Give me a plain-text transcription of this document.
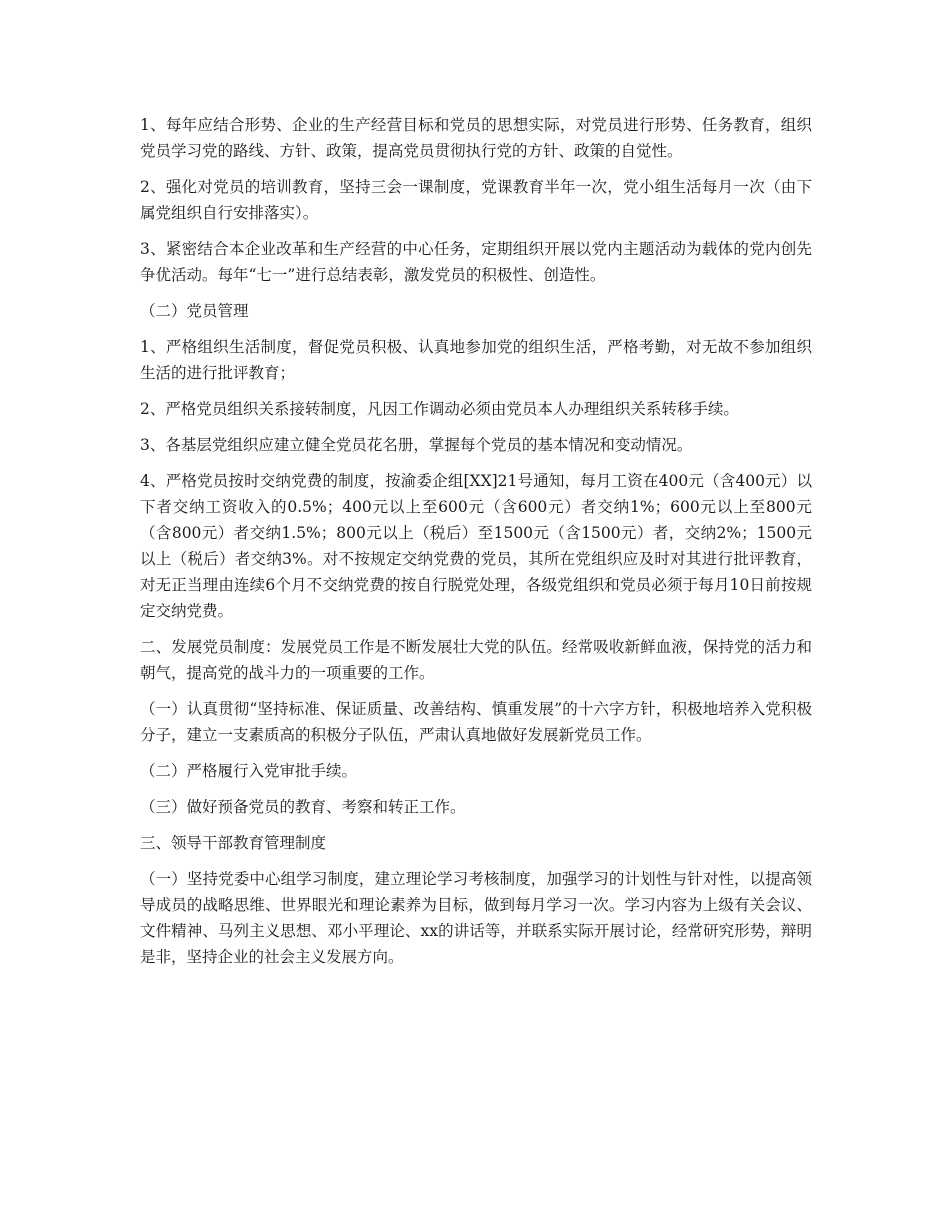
1、每年应结合形势、企业的生产经营目标和党员的思想实际，对党员进行形势、任务教育，组织党员学习党的路线、方针、政策，提高党员贯彻执行党的方针、政策的自觉性。

2、强化对党员的培训教育，坚持三会一课制度，党课教育半年一次，党小组生活每月一次（由下属党组织自行安排落实）。

3、紧密结合本企业改革和生产经营的中心任务，定期组织开展以党内主题活动为载体的党内创先争优活动。每年“七一”进行总结表彰，激发党员的积极性、创造性。

（二）党员管理

1、严格组织生活制度，督促党员积极、认真地参加党的组织生活，严格考勤，对无故不参加组织生活的进行批评教育；

2、严格党员组织关系接转制度，凡因工作调动必须由党员本人办理组织关系转移手续。

3、各基层党组织应建立健全党员花名册，掌握每个党员的基本情况和变动情况。

4、严格党员按时交纳党费的制度，按渝委企组[XX]21号通知，每月工资在400元（含400元）以下者交纳工资收入的0.5%；400元以上至600元（含600元）者交纳1%；600元以上至800元（含800元）者交纳1.5%；800元以上（税后）至1500元（含1500元）者，交纳2%；1500元以上（税后）者交纳3%。对不按规定交纳党费的党员，其所在党组织应及时对其进行批评教育，对无正当理由连续6个月不交纳党费的按自行脱党处理，各级党组织和党员必须于每月10日前按规定交纳党费。

二、发展党员制度：发展党员工作是不断发展壮大党的队伍。经常吸收新鲜血液，保持党的活力和朝气，提高党的战斗力的一项重要的工作。

（一）认真贯彻“坚持标准、保证质量、改善结构、慎重发展”的十六字方针，积极地培养入党积极分子，建立一支素质高的积极分子队伍，严肃认真地做好发展新党员工作。

（二）严格履行入党审批手续。

（三）做好预备党员的教育、考察和转正工作。

三、领导干部教育管理制度

（一）坚持党委中心组学习制度，建立理论学习考核制度，加强学习的计划性与针对性，以提高领导成员的战略思维、世界眼光和理论素养为目标，做到每月学习一次。学习内容为上级有关会议、文件精神、马列主义思想、邓小平理论、xx的讲话等，并联系实际开展讨论，经常研究形势，辩明是非，坚持企业的社会主义发展方向。
